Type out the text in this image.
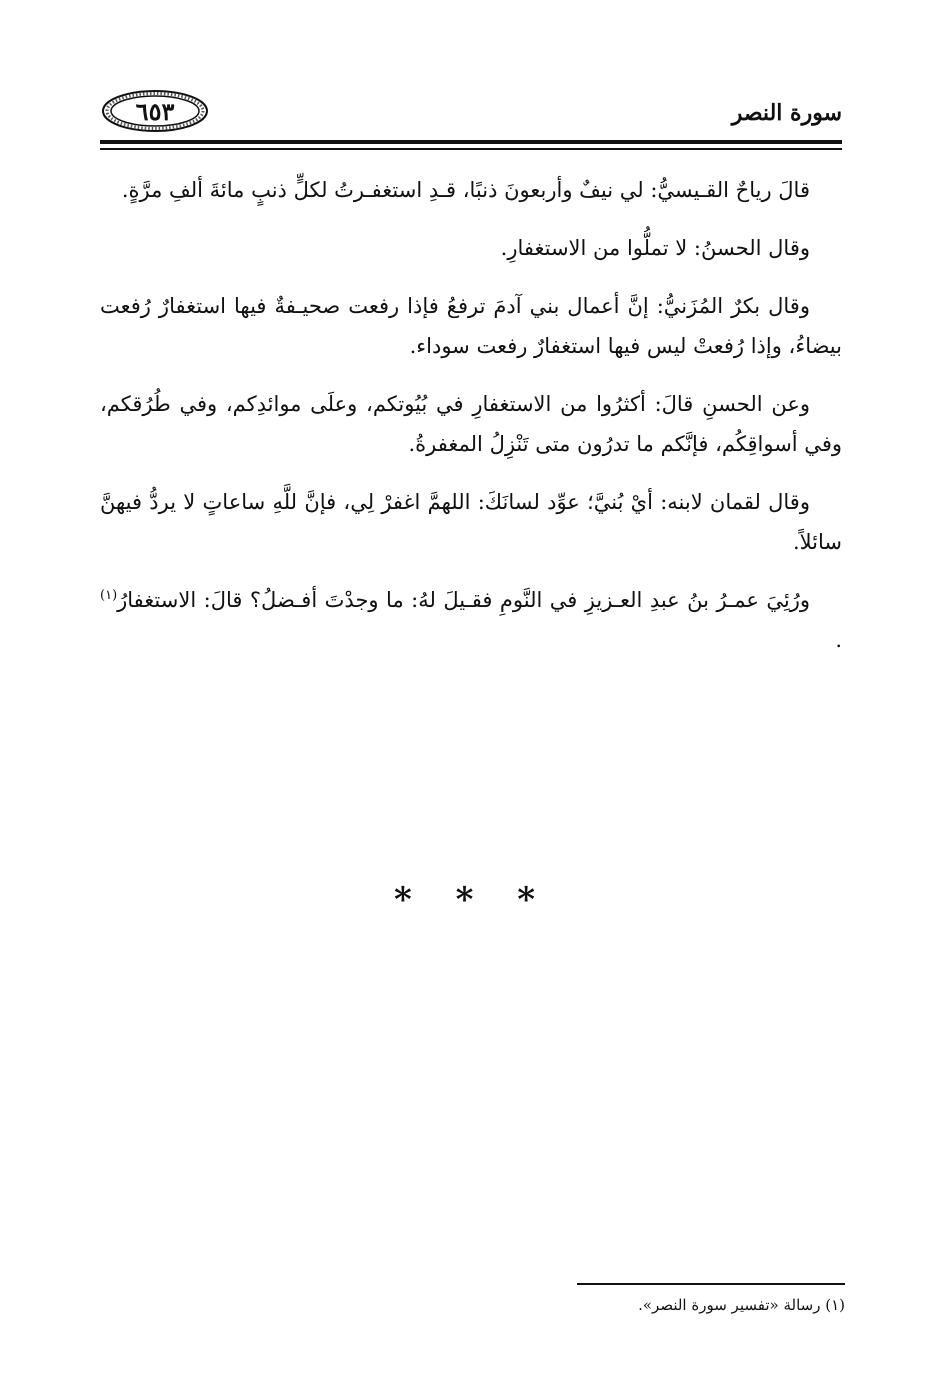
٦٥٣	سورة النصر

قالَ رياحٌ القـيسيُّ: لي نيفٌ وأربعونَ ذنبًا، قـدِ استغفـرتُ لكلٍّ ذنبٍ مائةَ ألفِ مرَّةٍ.

وقال الحسنُ: لا تملُّوا من الاستغفارِ.

وقال بكرٌ المُزَنيُّ: إنَّ أعمال بني آدمَ ترفعُ فإذا رفعت صحيـفةٌ فيها استغفارٌ رُفعت بيضاءُ، وإذا رُفعتْ ليس فيها استغفارٌ رفعت سوداء.

وعن الحسنِ قالَ: أكثرُوا من الاستغفارِ في بُيُوتكم، وعلَى موائدِكم، وفي طُرُقكم، وفي أسواقِكُم، فإنَّكم ما تدرُون متى تَنْزِلُ المغفرةُ.

وقال لقمان لابنه: أيْ بُنيَّ؛ عوِّد لسانَكَ: اللهمَّ اغفرْ لِي، فإنَّ للَّهِ ساعاتٍ لا يردُّ فيهنَّ سائلاً.

ورُئِيَ عمـرُ بنُ عبدِ العـزيزِ في النَّومِ فقـيلَ لهُ: ما وجدْتَ أفـضلُ؟ قالَ: الاستغفارُ$^{(١)}$ .

* * *
(١) رسالة «تفسير سورة النصر».
